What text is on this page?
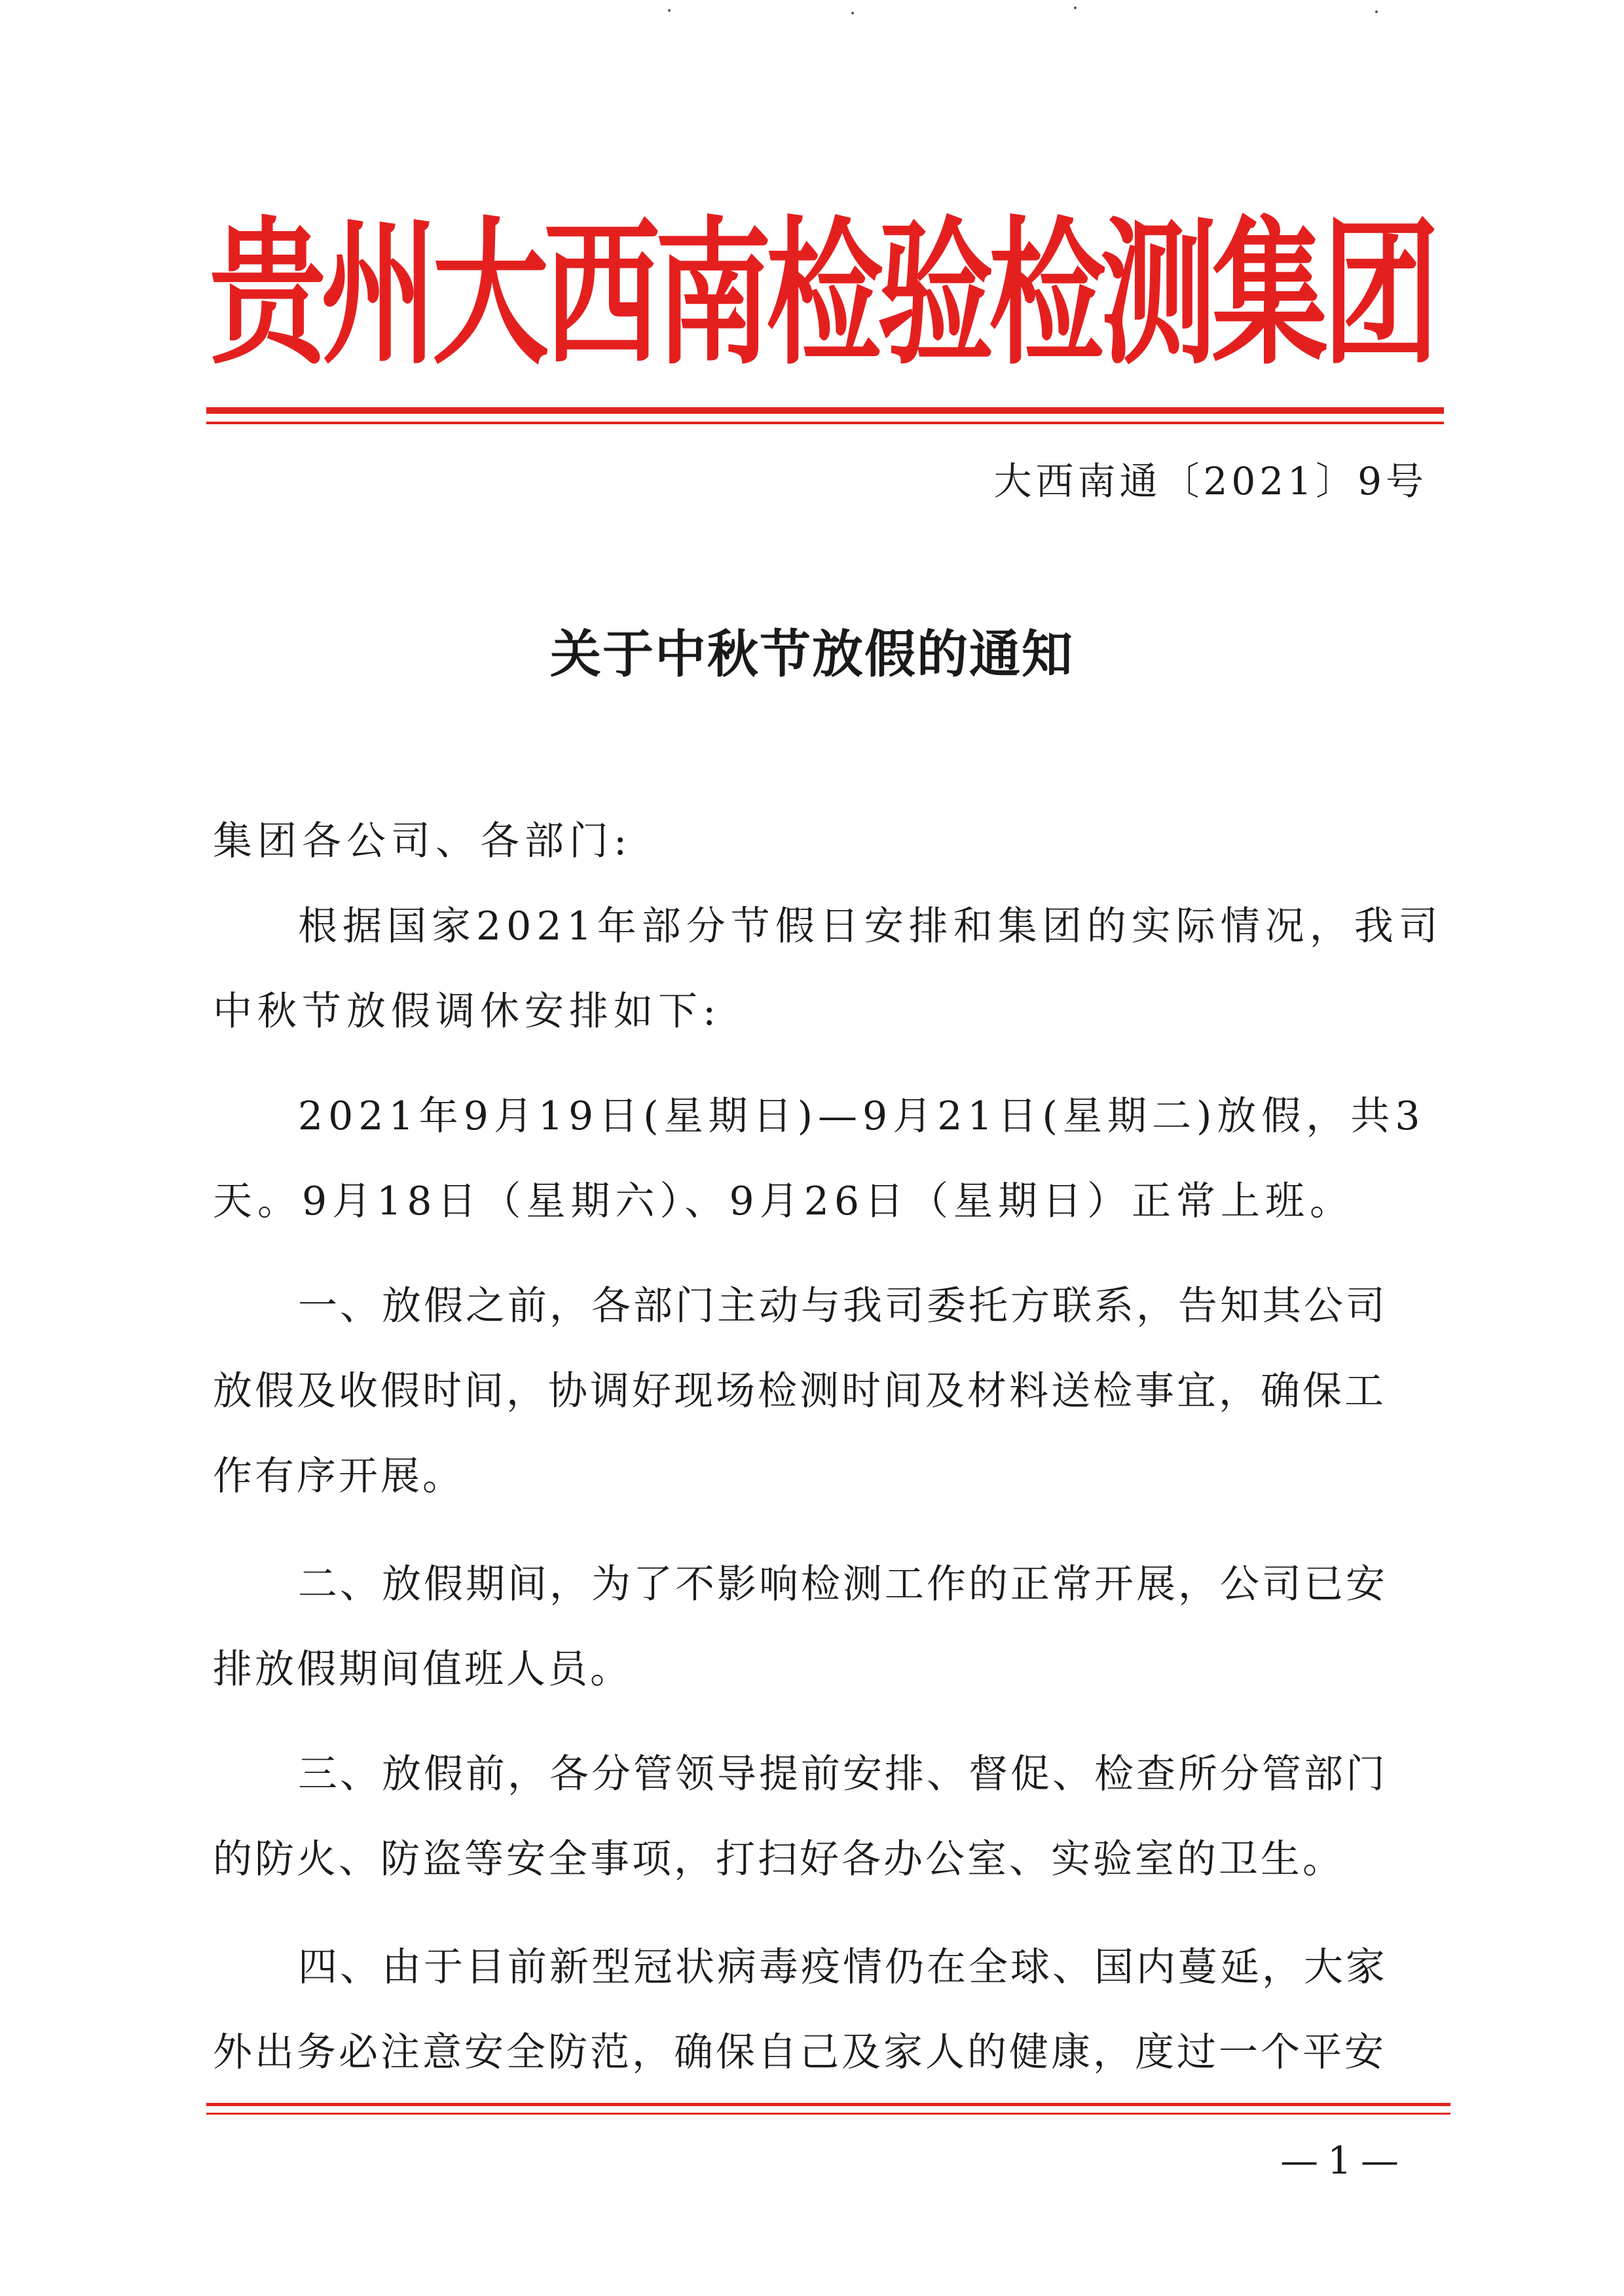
贵州大西南检验检测集团
大西南通〔2021〕9号
关于中秋节放假的通知
集团各公司、各部门:
根据国家2021年部分节假日安排和集团的实际情况，我司
中秋节放假调休安排如下:
2021年9月19日(星期日)—9月21日(星期二)放假，共3
天。9月18日（星期六）、9月26日（星期日）正常上班。
一、放假之前，各部门主动与我司委托方联系，告知其公司
放假及收假时间，协调好现场检测时间及材料送检事宜，确保工
作有序开展。
二、放假期间，为了不影响检测工作的正常开展，公司已安
排放假期间值班人员。
三、放假前，各分管领导提前安排、督促、检查所分管部门
的防火、防盗等安全事项，打扫好各办公室、实验室的卫生。
四、由于目前新型冠状病毒疫情仍在全球、国内蔓延，大家
外出务必注意安全防范，确保自己及家人的健康，度过一个平安
—1—
